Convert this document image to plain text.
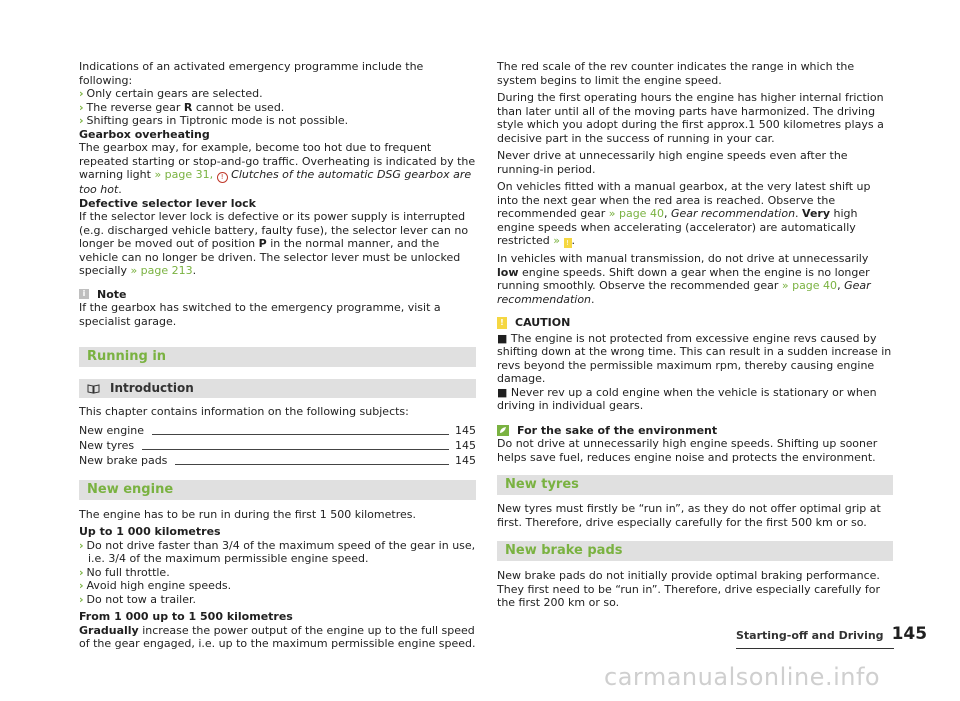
Indications of an activated emergency programme include the following:

› Only certain gears are selected.

› The reverse gear R cannot be used.

› Shifting gears in Tiptronic mode is not possible.

Gearbox overheating

The gearbox may, for example, become too hot due to frequent repeated starting or stop-and-go traffic. Overheating is indicated by the warning light » page 31, ! Clutches of the automatic DSG gearbox are too hot.

Defective selector lever lock

If the selector lever lock is defective or its power supply is interrupted (e.g. discharged vehicle battery, faulty fuse), the selector lever can no longer be moved out of position P in the normal manner, and the vehicle can no longer be driven. The selector lever must be unlocked specially » page 213.

i	Note

If the gearbox has switched to the emergency programme, visit a specialist garage.

Running in
Introduction

This chapter contains information on the following subjects:

New engine	145
New tyres	145
New brake pads	145
New engine

The engine has to be run in during the first 1 500 kilometres.

Up to 1 000 kilometres

› Do not drive faster than 3/4 of the maximum speed of the gear in use, i.e. 3/4 of the maximum permissible engine speed.

› No full throttle.

› Avoid high engine speeds.

› Do not tow a trailer.

From 1 000 up to 1 500 kilometres

Gradually increase the power output of the engine up to the full speed of the gear engaged, i.e. up to the maximum permissible engine speed.

The red scale of the rev counter indicates the range in which the system begins to limit the engine speed.

During the first operating hours the engine has higher internal friction than later until all of the moving parts have harmonized. The driving style which you adopt during the first approx.1 500 kilometres plays a decisive part in the success of running in your car.

Never drive at unnecessarily high engine speeds even after the running-in period.

On vehicles fitted with a manual gearbox, at the very latest shift up into the next gear when the red area is reached. Observe the recommended gear » page 40, Gear recommendation. Very high engine speeds when accelerating (accelerator) are automatically restricted » ! .

In vehicles with manual transmission, do not drive at unnecessarily low engine speeds. Shift down a gear when the engine is no longer running smoothly. Observe the recommended gear » page 40, Gear recommendation.

! CAUTION

■ The engine is not protected from excessive engine revs caused by shifting down at the wrong time. This can result in a sudden increase in revs beyond the permissible maximum rpm, thereby causing engine damage.

■ Never rev up a cold engine when the vehicle is stationary or when driving in individual gears.

For the sake of the environment

Do not drive at unnecessarily high engine speeds. Shifting up sooner helps save fuel, reduces engine noise and protects the environment.

New tyres

New tyres must firstly be “run in”, as they do not offer optimal grip at first. Therefore, drive especially carefully for the first 500 km or so.

New brake pads

New brake pads do not initially provide optimal braking performance. They first need to be “run in”. Therefore, drive especially carefully for the first 200 km or so.

Starting-off and Driving 145
carmanualsonline.info
